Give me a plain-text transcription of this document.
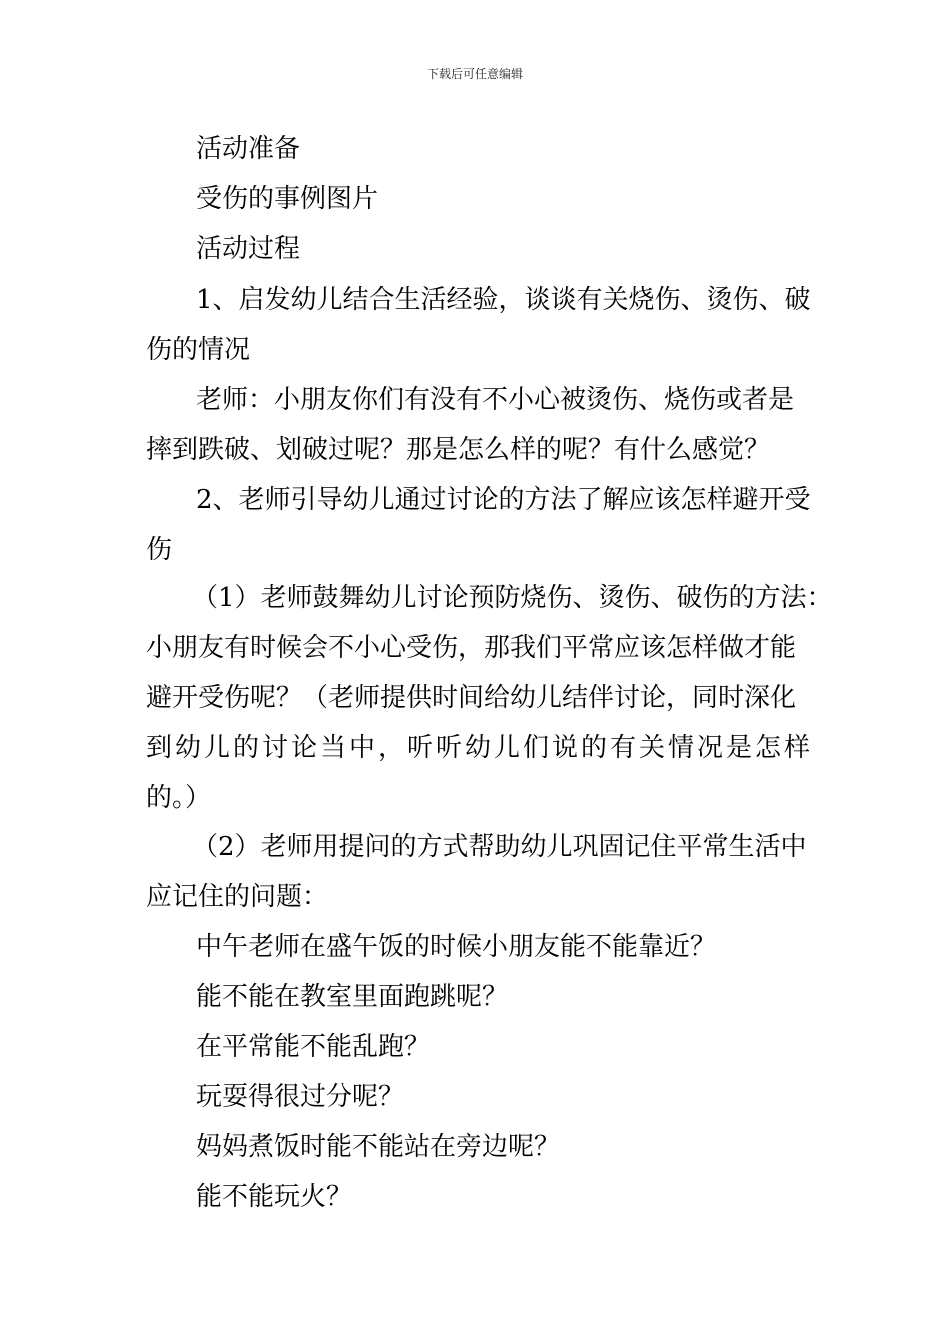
下载后可任意编辑
活动准备
受伤的事例图片
活动过程
1、启发幼儿结合生活经验，谈谈有关烧伤、烫伤、破
伤的情况
老师：小朋友你们有没有不小心被烫伤、烧伤或者是
摔到跌破、划破过呢？那是怎么样的呢？有什么感觉？
2、老师引导幼儿通过讨论的方法了解应该怎样避开受
伤
（1）老师鼓舞幼儿讨论预防烧伤、烫伤、破伤的方法：
小朋友有时候会不小心受伤，那我们平常应该怎样做才能
避开受伤呢？（老师提供时间给幼儿结伴讨论，同时深化
到幼儿的讨论当中，听听幼儿们说的有关情况是怎样
的。）
（2）老师用提问的方式帮助幼儿巩固记住平常生活中
应记住的问题：
中午老师在盛午饭的时候小朋友能不能靠近？
能不能在教室里面跑跳呢？
在平常能不能乱跑？
玩耍得很过分呢？
妈妈煮饭时能不能站在旁边呢？
能不能玩火？
